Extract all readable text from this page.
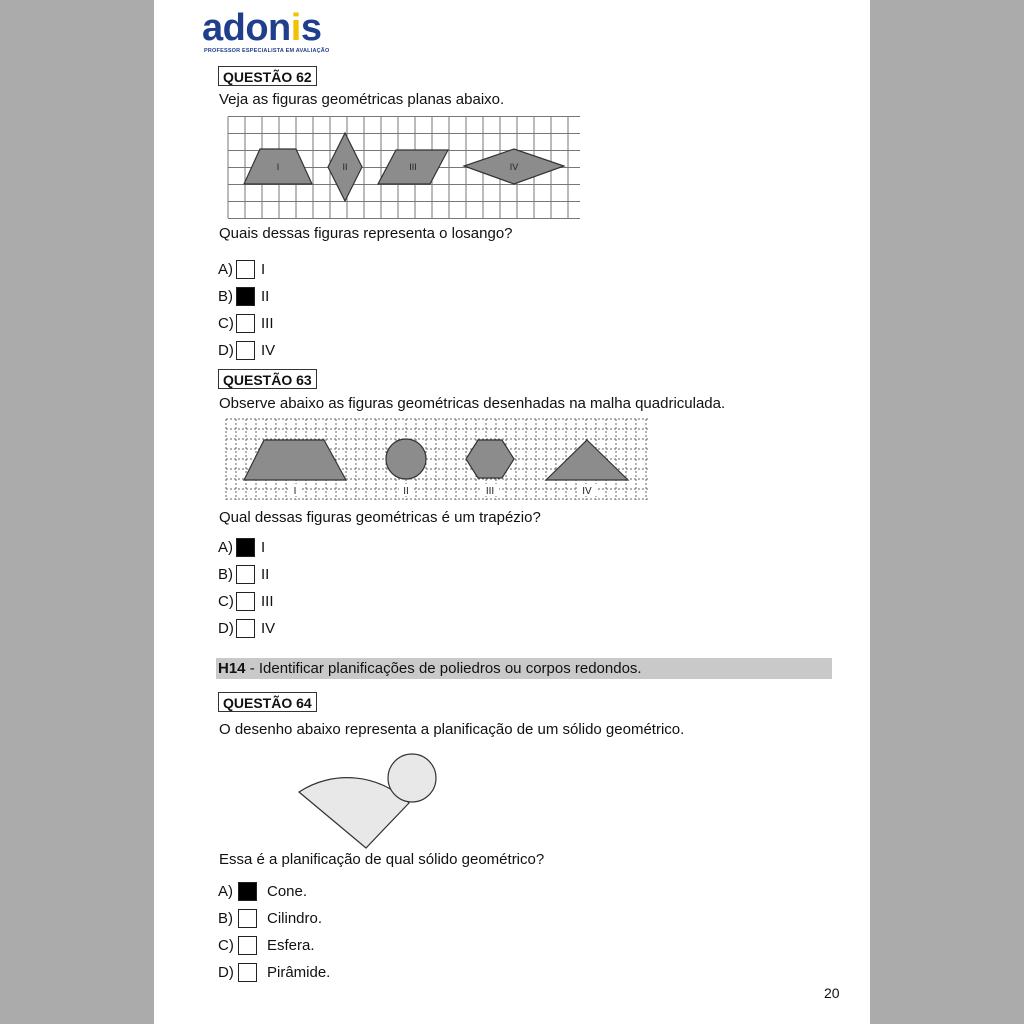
adonis
PROFESSOR ESPECIALISTA EM AVALIAÇÃO
QUESTÃO 62
Veja as figuras geométricas planas abaixo.
I	II	III	IV
Quais dessas figuras representa o losango?
A) I
B) II
C) III
D) IV
QUESTÃO 63
Observe abaixo as figuras geométricas desenhadas na malha quadriculada.
I	II	III	IV
Qual dessas figuras geométricas é um trapézio?
A) I
B) II
C) III
D) IV
H14 - Identificar planificações de poliedros ou corpos redondos.
QUESTÃO 64
O desenho abaixo representa a planificação de um sólido geométrico.
Essa é a planificação de qual sólido geométrico?
A) Cone.
B) Cilindro.
C) Esfera.
D) Pirâmide.
20
